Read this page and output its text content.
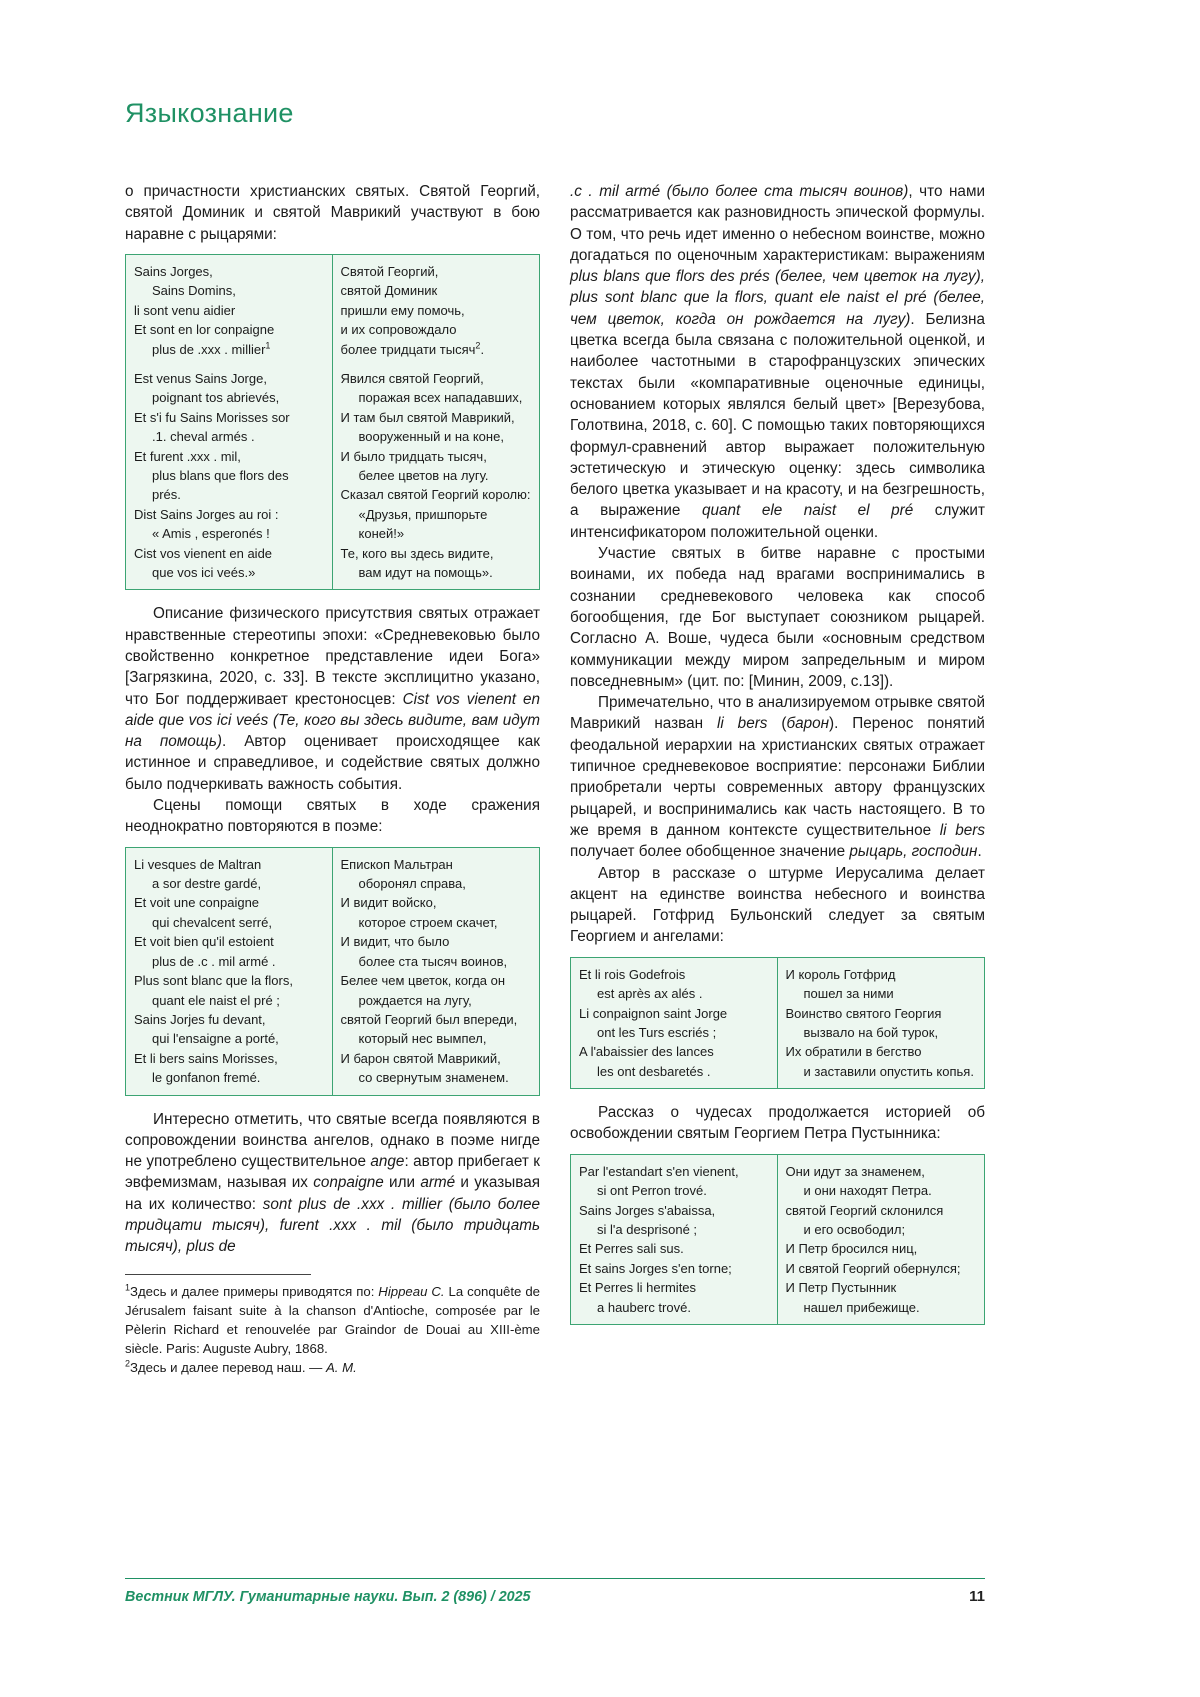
Языкознание

о причастности христианских святых. Святой Георгий, святой Доминик и святой Маврикий участвуют в бою наравне с рыцарями:

Sains Jorges,
Sains Domins,
li sont venu aidier
Et sont en lor conpaigne
plus de .xxx . millier$^1$
Est venus Sains Jorge,
poignant tos abrievés,
Et s'i fu Sains Morisses sor
.1. cheval armés .
Et furent .xxx . mil,
plus blans que flors des
prés.
Dist Sains Jorges au roi :
« Amis , esperonés !
Cist vos vienent en aide
que vos ici veés.»
Святой Георгий,
святой Доминик
пришли ему помочь,
и их сопровождало
более тридцати тысяч$^2$.
Явился святой Георгий,
поражая всех нападавших,
И там был святой Маврикий,
вооруженный и на коне,
И было тридцать тысяч,
белее цветов на лугу.
Сказал святой Георгий королю:
«Друзья, пришпорьте
коней!»
Те, кого вы здесь видите,
вам идут на помощь».

Описание физического присутствия святых отражает нравственные стереотипы эпохи: «Средневековью было свойственно конкретное представление идеи Бога» [Загрязкина, 2020, с. 33]. В тексте эксплицитно указано, что Бог поддерживает крестоносцев: Cist vos vienent en aide que vos ici veés (Те, кого вы здесь видите, вам идут на помощь). Автор оценивает происходящее как истинное и справедливое, и содействие святых должно было подчеркивать важность события.

Сцены помощи святых в ходе сражения неоднократно повторяются в поэме:

Li vesques de Maltran
a sor destre gardé,
Et voit une conpaigne
qui chevalcent serré,
Et voit bien qu'il estoient
plus de .c . mil armé .
Plus sont blanc que la flors,
quant ele naist el pré ;
Sains Jorjes fu devant,
qui l'ensaigne a porté,
Et li bers sains Morisses,
le gonfanon fremé.
Епископ Мальтран
оборонял справа,
И видит войско,
которое строем скачет,
И видит, что было
более ста тысяч воинов,
Белее чем цветок, когда он
рождается на лугу,
святой Георгий был впереди,
который нес вымпел,
И барон святой Маврикий,
со свернутым знаменем.

Интересно отметить, что святые всегда появляются в сопровождении воинства ангелов, однако в поэме нигде не употреблено существительное ange: автор прибегает к эвфемизмам, называя их conpaigne или armé и указывая на их количество: sont plus de .xxx . millier (было более тридцати тысяч), furent .xxx . mil (было тридцать тысяч), plus de

$^1$Здесь и далее примеры приводятся по: Hippeau C. La conquête de Jérusalem faisant suite à la chanson d'Antioche, composée par le Pèlerin Richard et renouvelée par Graindor de Douai au XIII-ème siècle. Paris: Auguste Aubry, 1868.

$^2$Здесь и далее перевод наш. — А. М.

.c . mil armé (было более ста тысяч воинов), что нами рассматривается как разновидность эпической формулы. О том, что речь идет именно о небесном воинстве, можно догадаться по оценочным характеристикам: выражениям plus blans que flors des prés (белее, чем цветок на лугу), plus sont blanc que la flors, quant ele naist el pré (белее, чем цветок, когда он рождается на лугу). Белизна цветка всегда была связана с положительной оценкой, и наиболее частотными в старофранцузских эпических текстах были «компаративные оценочные единицы, основанием которых являлся белый цвет» [Верезубова, Голотвина, 2018, с. 60]. С помощью таких повторяющихся формул-сравнений автор выражает положительную эстетическую и этическую оценку: здесь символика белого цветка указывает и на красоту, и на безгрешность, а выражение quant ele naist el pré служит интенсификатором положительной оценки.

Участие святых в битве наравне с простыми воинами, их победа над врагами воспринимались в сознании средневекового человека как способ богообщения, где Бог выступает союзником рыцарей. Согласно А. Воше, чудеса были «основным средством коммуникации между миром запредельным и миром повседневным» (цит. по: [Минин, 2009, с.13]).

Примечательно, что в анализируемом отрывке святой Маврикий назван li bers (барон). Перенос понятий феодальной иерархии на христианских святых отражает типичное средневековое восприятие: персонажи Библии приобретали черты современных автору французских рыцарей, и воспринимались как часть настоящего. В то же время в данном контексте существительное li bers получает более обобщенное значение рыцарь, господин.

Автор в рассказе о штурме Иерусалима делает акцент на единстве воинства небесного и воинства рыцарей. Готфрид Бульонский следует за святым Георгием и ангелами:

Et li rois Godefrois
est après ax alés .
Li conpaignon saint Jorge
ont les Turs escriés ;
A l'abaissier des lances
les ont desbaretés .
И король Готфрид
пошел за ними
Воинство святого Георгия
вызвало на бой турок,
Их обратили в бегство
и заставили опустить копья.

Рассказ о чудесах продолжается историей об освобождении святым Георгием Петра Пустынника:

Par l'estandart s'en vienent,
si ont Perron trové.
Sains Jorges s'abaissa,
si l'a desprisoné ;
Et Perres sali sus.
Et sains Jorges s'en torne;
Et Perres li hermites
a hauberc trové.
Они идут за знаменем,
и они находят Петра.
святой Георгий склонился
и его освободил;
И Петр бросился ниц,
И святой Георгий обернулся;
И Петр Пустынник
нашел прибежище.
Вестник МГЛУ. Гуманитарные науки. Вып. 2 (896) / 2025	11
